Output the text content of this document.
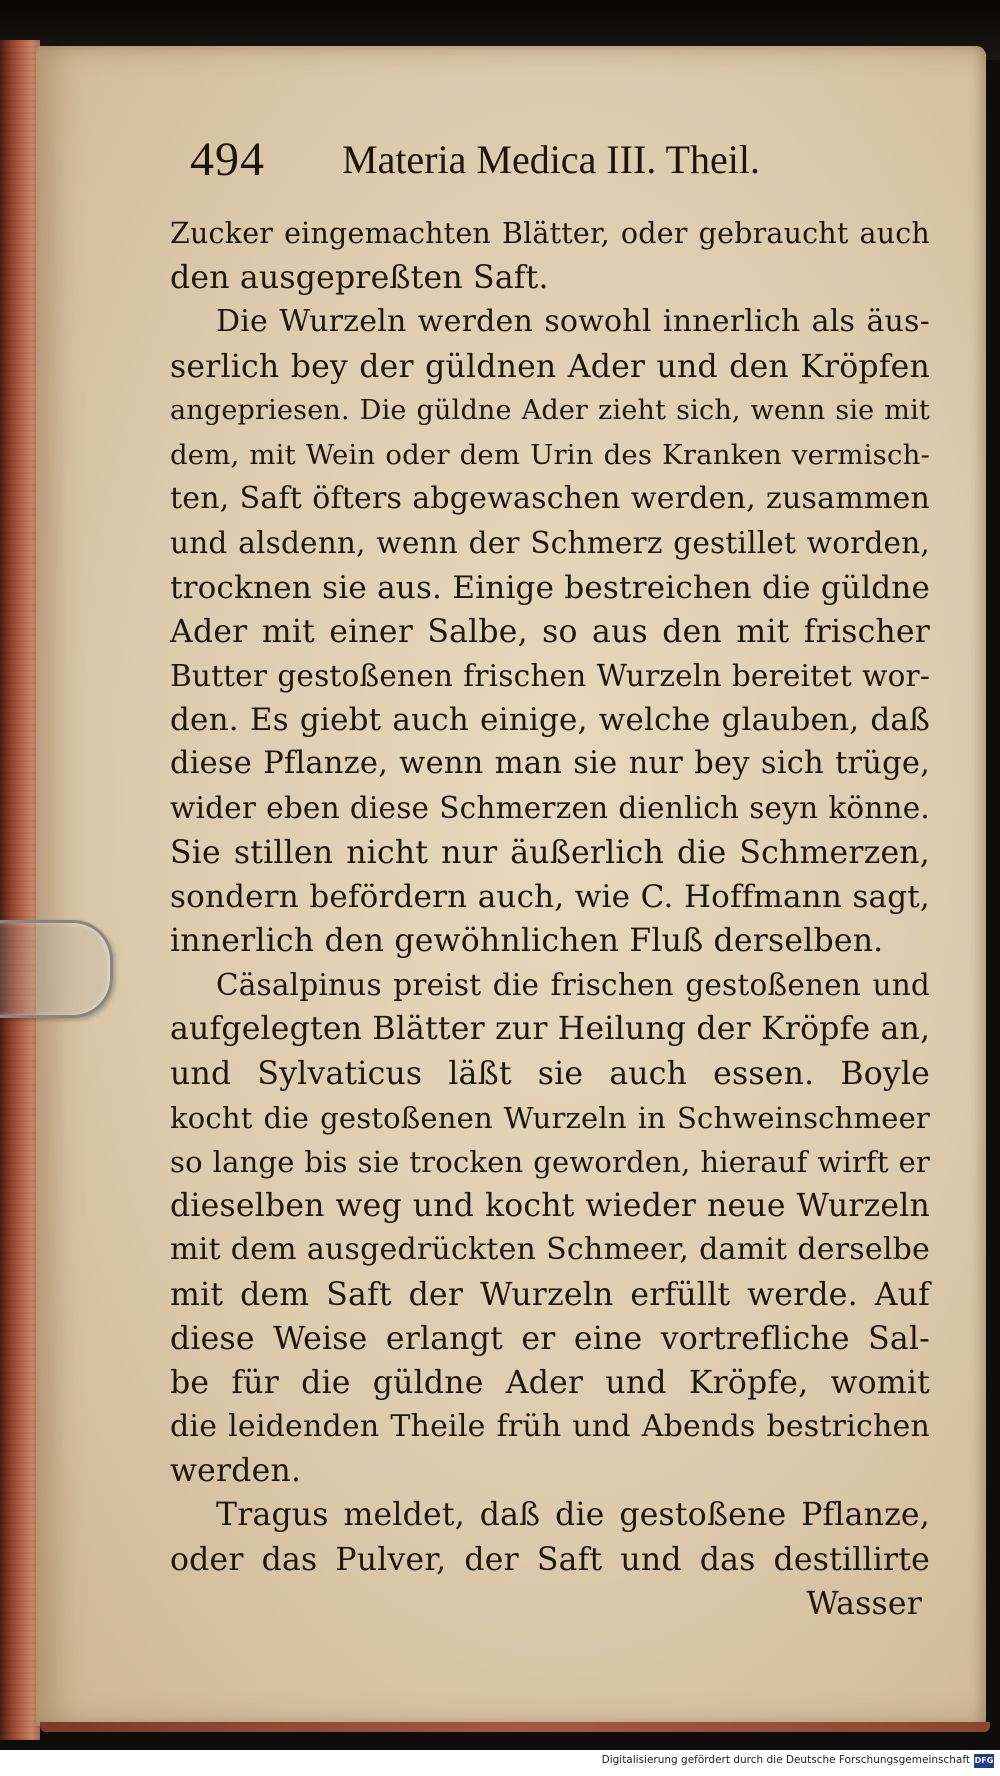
494 Materia Medica III. Theil.
Zucker eingemachten Blätter, oder gebraucht auch
den ausgepreßten Saft.
Die Wurzeln werden sowohl innerlich als äus-
serlich bey der güldnen Ader und den Kröpfen
angepriesen. Die güldne Ader zieht sich, wenn sie mit
dem, mit Wein oder dem Urin des Kranken vermisch-
ten, Saft öfters abgewaschen werden, zusammen
und alsdenn, wenn der Schmerz gestillet worden,
trocknen sie aus. Einige bestreichen die güldne
Ader mit einer Salbe, so aus den mit frischer
Butter gestoßenen frischen Wurzeln bereitet wor-
den. Es giebt auch einige, welche glauben, daß
diese Pflanze, wenn man sie nur bey sich trüge,
wider eben diese Schmerzen dienlich seyn könne.
Sie stillen nicht nur äußerlich die Schmerzen,
sondern befördern auch, wie C. Hoffmann sagt,
innerlich den gewöhnlichen Fluß derselben.
Cäsalpinus preist die frischen gestoßenen und
aufgelegten Blätter zur Heilung der Kröpfe an,
und Sylvaticus läßt sie auch essen. Boyle
kocht die gestoßenen Wurzeln in Schweinschmeer
so lange bis sie trocken geworden, hierauf wirft er
dieselben weg und kocht wieder neue Wurzeln
mit dem ausgedrückten Schmeer, damit derselbe
mit dem Saft der Wurzeln erfüllt werde. Auf
diese Weise erlangt er eine vortrefliche Sal-
be für die güldne Ader und Kröpfe, womit
die leidenden Theile früh und Abends bestrichen
werden.
Tragus meldet, daß die gestoßene Pflanze,
oder das Pulver, der Saft und das destillirte
Wasser
Digitalisierung gefördert durch die Deutsche Forschungsgemeinschaft DFG
